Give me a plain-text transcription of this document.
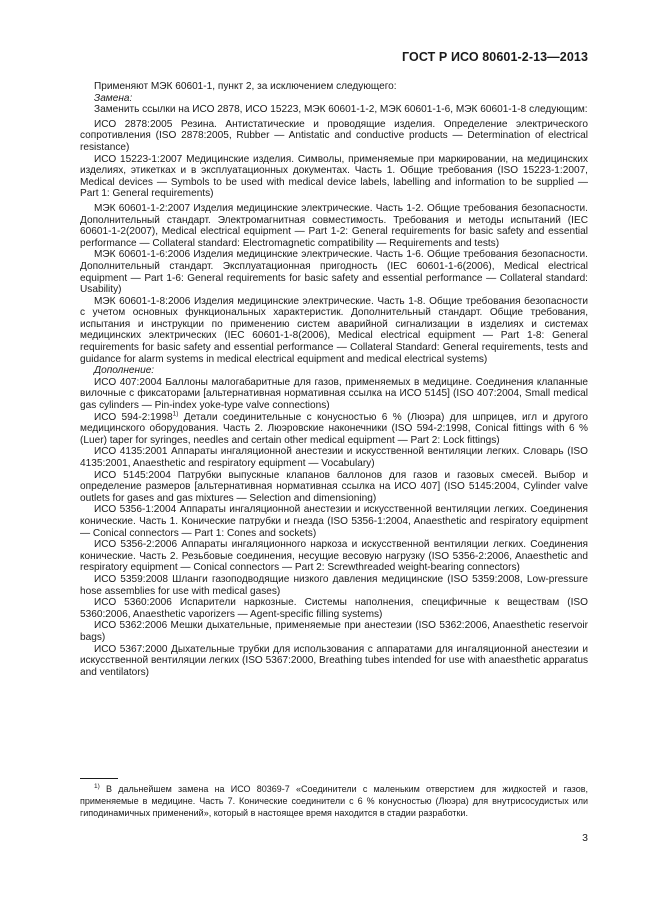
ГОСТ Р ИСО 80601-2-13—2013

Применяют МЭК 60601-1, пункт 2, за исключением следующего:

Замена:

Заменить ссылки на ИСО 2878, ИСО 15223, МЭК 60601-1-2, МЭК 60601-1-6, МЭК 60601-1-8 следующим:

ИСО 2878:2005 Резина. Антистатические и проводящие изделия. Определение электрического сопротивления (ISO 2878:2005, Rubber — Antistatic and conductive products — Determination of electrical resistance)

ИСО 15223-1:2007 Медицинские изделия. Символы, применяемые при маркировании, на медицинских изделиях, этикетках и в эксплуатационных документах. Часть 1. Общие требования (ISO 15223-1:2007, Medical devices — Symbols to be used with medical device labels, labelling and information to be supplied — Part 1: General requirements)

МЭК 60601-1-2:2007 Изделия медицинские электрические. Часть 1-2. Общие требования безопасности. Дополнительный стандарт. Электромагнитная совместимость. Требования и методы испытаний (IEC 60601-1-2(2007), Medical electrical equipment — Part 1-2: General requirements for basic safety and essential performance — Collateral standard: Electromagnetic compatibility — Requirements and tests)

МЭК 60601-1-6:2006 Изделия медицинские электрические. Часть 1-6. Общие требования безопасности. Дополнительный стандарт. Эксплуатационная пригодность (IEC 60601-1-6(2006), Medical electrical equipment — Part 1-6: General requirements for basic safety and essential performance — Collateral standard: Usability)

МЭК 60601-1-8:2006 Изделия медицинские электрические. Часть 1-8. Общие требования безопасности с учетом основных функциональных характеристик. Дополнительный стандарт. Общие требования, испытания и инструкции по применению систем аварийной сигнализации в изделиях и системах медицинских электрических (IEC 60601-1-8(2006), Medical electrical equipment — Part 1-8: General requirements for basic safety and essential performance — Collateral Standard: General requirements, tests and guidance for alarm systems in medical electrical equipment and medical electrical systems)

Дополнение:

ИСО 407:2004 Баллоны малогабаритные для газов, применяемых в медицине. Соединения клапанные вилочные с фиксаторами [альтернативная нормативная ссылка на ИСО 5145] (ISO 407:2004, Small medical gas cylinders — Pin-index yoke-type valve connections)

ИСО 594-2:1998$^{1)}$ Детали соединительные с конусностью 6 % (Люэра) для шприцев, игл и другого медицинского оборудования. Часть 2. Люэровские наконечники (ISO 594-2:1998, Conical fittings with 6 % (Luer) taper for syringes, needles and certain other medical equipment — Part 2: Lock fittings)

ИСО 4135:2001 Аппараты ингаляционной анестезии и искусственной вентиляции легких. Словарь (ISO 4135:2001, Anaesthetic and respiratory equipment — Vocabulary)

ИСО 5145:2004 Патрубки выпускные клапанов баллонов для газов и газовых смесей. Выбор и определение размеров [альтернативная нормативная ссылка на ИСО 407] (ISO 5145:2004, Cylinder valve outlets for gases and gas mixtures — Selection and dimensioning)

ИСО 5356-1:2004 Аппараты ингаляционной анестезии и искусственной вентиляции легких. Соединения конические. Часть 1. Конические патрубки и гнезда (ISO 5356-1:2004, Anaesthetic and respiratory equipment — Conical connectors — Part 1: Cones and sockets)

ИСО 5356-2:2006 Аппараты ингаляционного наркоза и искусственной вентиляции легких. Соединения конические. Часть 2. Резьбовые соединения, несущие весовую нагрузку (ISO 5356-2:2006, Anaesthetic and respiratory equipment — Conical connectors — Part 2: Screwthreaded weight-bearing connectors)

ИСО 5359:2008 Шланги газоподводящие низкого давления медицинские (ISO 5359:2008, Low-pressure hose assemblies for use with medical gases)

ИСО 5360:2006 Испарители наркозные. Системы наполнения, специфичные к веществам (ISO 5360:2006, Anaesthetic vaporizers — Agent-specific filling systems)

ИСО 5362:2006 Мешки дыхательные, применяемые при анестезии (ISO 5362:2006, Anaesthetic reservoir bags)

ИСО 5367:2000 Дыхательные трубки для использования с аппаратами для ингаляционной анестезии и искусственной вентиляции легких (ISO 5367:2000, Breathing tubes intended for use with anaesthetic apparatus and ventilators)

$^{1)}$ В дальнейшем замена на ИСО 80369-7 «Соединители с маленьким отверстием для жидкостей и газов, применяемые в медицине. Часть 7. Конические соединители с 6 % конусностью (Люэра) для внутрисосудистых или гиподинамичных применений», который в настоящее время находится в стадии разработки.

3
